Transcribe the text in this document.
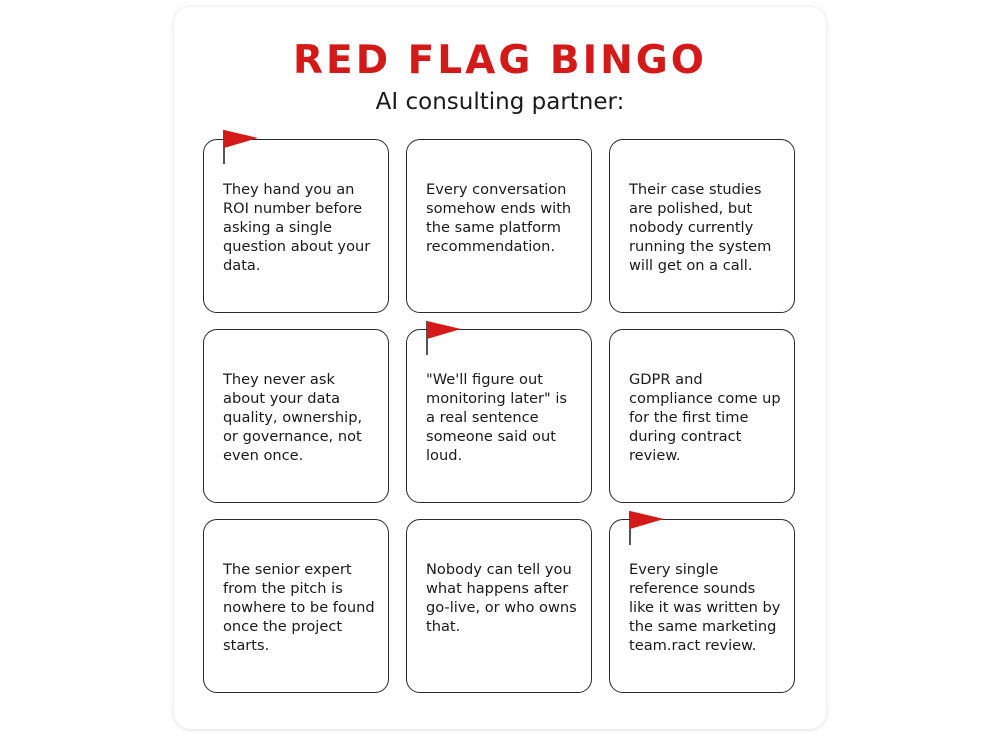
RED FLAG BINGO
AI consulting partner:
They hand you an ROI number before asking a single question about your data.
Every conversation somehow ends with the same platform recommendation.
Their case studies are polished, but nobody currently running the system will get on a call.
They never ask about your data quality, ownership, or governance, not even once.
"We'll figure out monitoring later" is a real sentence someone said out loud.
GDPR and compliance come up for the first time during contract review.
The senior expert from the pitch is nowhere to be found once the project starts.
Nobody can tell you what happens after go-live, or who owns that.
Every single reference sounds like it was written by the same marketing team.ract review.
